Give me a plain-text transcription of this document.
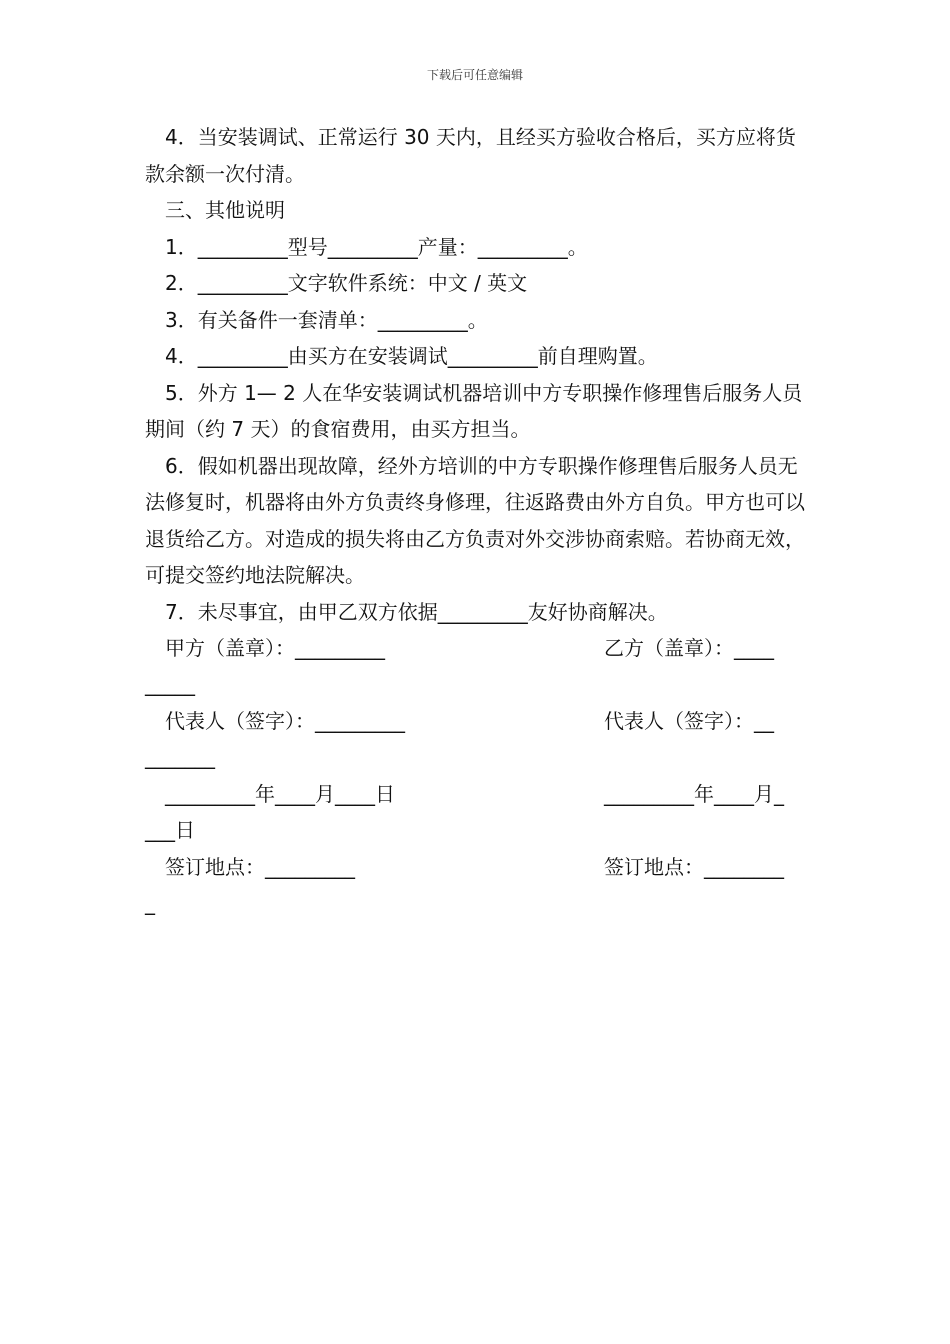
下载后可任意编辑

4．当安装调试、正常运行 30 天内，且经买方验收合格后，买方应将货款余额一次付清。

三、其他说明

1．_________型号_________产量：_________。

2．_________文字软件系统：中文 / 英文

3．有关备件一套清单：_________。

4．_________由买方在安装调试_________前自理购置。

5．外方 1— 2 人在华安装调试机器培训中方专职操作修理售后服务人员期间（约 7 天）的食宿费用，由买方担当。

6．假如机器出现故障，经外方培训的中方专职操作修理售后服务人员无法修复时，机器将由外方负责终身修理，往返路费由外方自负。甲方也可以退货给乙方。对造成的损失将由乙方负责对外交涉协商索赔。若协商无效，可提交签约地法院解决。

7．未尽事宜，由甲乙双方依据_________友好协商解决。

甲方（盖章）：_________	乙方（盖章）：____
_____
代表人（签字）：_________	代表人（签字）：__
_______
_________年____月____日	_________年____月_
___日
签订地点：_________	签订地点：________
_
